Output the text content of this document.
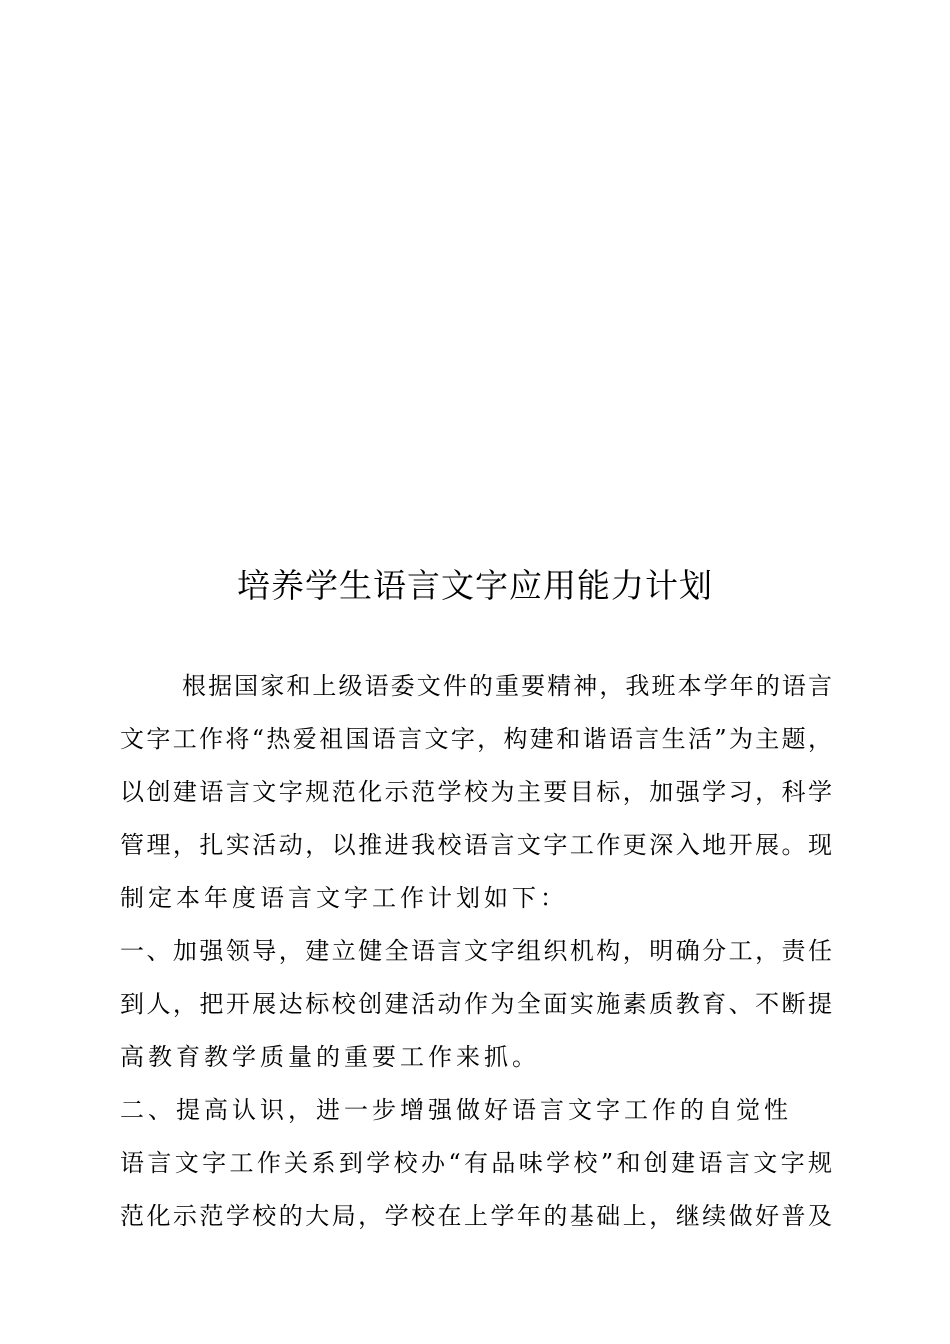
培养学生语言文字应用能力计划

根据国家和上级语委文件的重要精神，我班本学年的语言

文字工作将“热爱祖国语言文字，构建和谐语言生活”为主题，

以创建语言文字规范化示范学校为主要目标，加强学习，科学

管理，扎实活动，以推进我校语言文字工作更深入地开展。现

制定本年度语言文字工作计划如下：

一、加强领导，建立健全语言文字组织机构，明确分工，责任

到人，把开展达标校创建活动作为全面实施素质教育、不断提

高教育教学质量的重要工作来抓。

二、提高认识，进一步增强做好语言文字工作的自觉性

语言文字工作关系到学校办“有品味学校”和创建语言文字规

范化示范学校的大局，学校在上学年的基础上，继续做好普及
